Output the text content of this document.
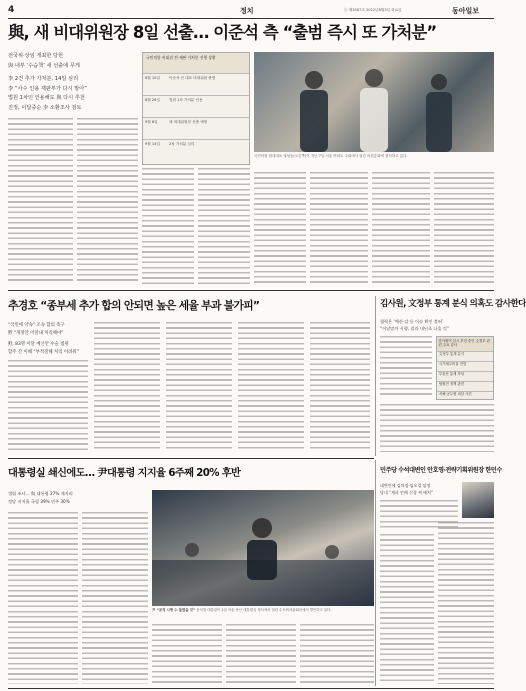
4	정치	ⓒ 제3487호 2022년8월3일 화요일	동아일보
與, 새 비대위원장 8일 선출… 이준석 측 “출범 즉시 또 가처분”
전국위·상임 개최한 당헌
與 내부 ‘수습책’ 새 선출에 무게
李 2건 추가 가처분, 14일 심리
李 “사수 인용 재판부가 다시 맡아”
법원 1차인 인용해도 與 다시 추천
진정, 이달중순 李 소환조사 검토
국민의힘 비대위 전·재판 가처분 진행 상황
8월 10일	이준석 전 대표 비대위원 출범
8월 26일	법원 1차 가처분 인용
9월 8일	새 비대위원장 선출 예정
9월 14일	2차 가처분 심리
국민의힘 원내대표 권성동(오른쪽)이 지난 7일 서울 여의도 국회에서 열린 의원총회에 참석하고 있다.
추경호 “종부세 추가 합의 안되면 높은 세율 부과 불가피”
“국민에 약속” 조속 합의 촉구
野 “개정안 이달내 처리해야”
野, 83명 이달 예산안 수술 범위
합주 간 이해 “부적절해 처리 어려워”
김사원, 文정부 통계 분식 의혹도 감사한다
협력은 ‘예산·감 등 이슈 확인 불허’
“이달말까 시행, 결과 내년초 나올 것”
감사원이 실시 추진 중인 文정부 관련 주요 감사
文정부 통계 분식
국가채무비율 전망
부동산 통계 작성
탈원전 정책 관련
서해 공무원 피살 사건
대통령실 쇄신에도… 尹대통령 지지율 6주째 20% 후반
갤럽 조사… 與 대통령 27% 제자리
정당 지지율 국힘 39% 민주 30%
尹 “공정 시행 수 틀렸을 것” 윤석열 대통령이 2일 서울 용산 대통령실 청사에서 열린 수석비서관회의에서 발언하고 있다.
민주당 수석대변인 안호영·전략기획위원장 한민수
대변인에 김의겸·임오경 임명
당내 “계파 안배 신경 써 배치”
